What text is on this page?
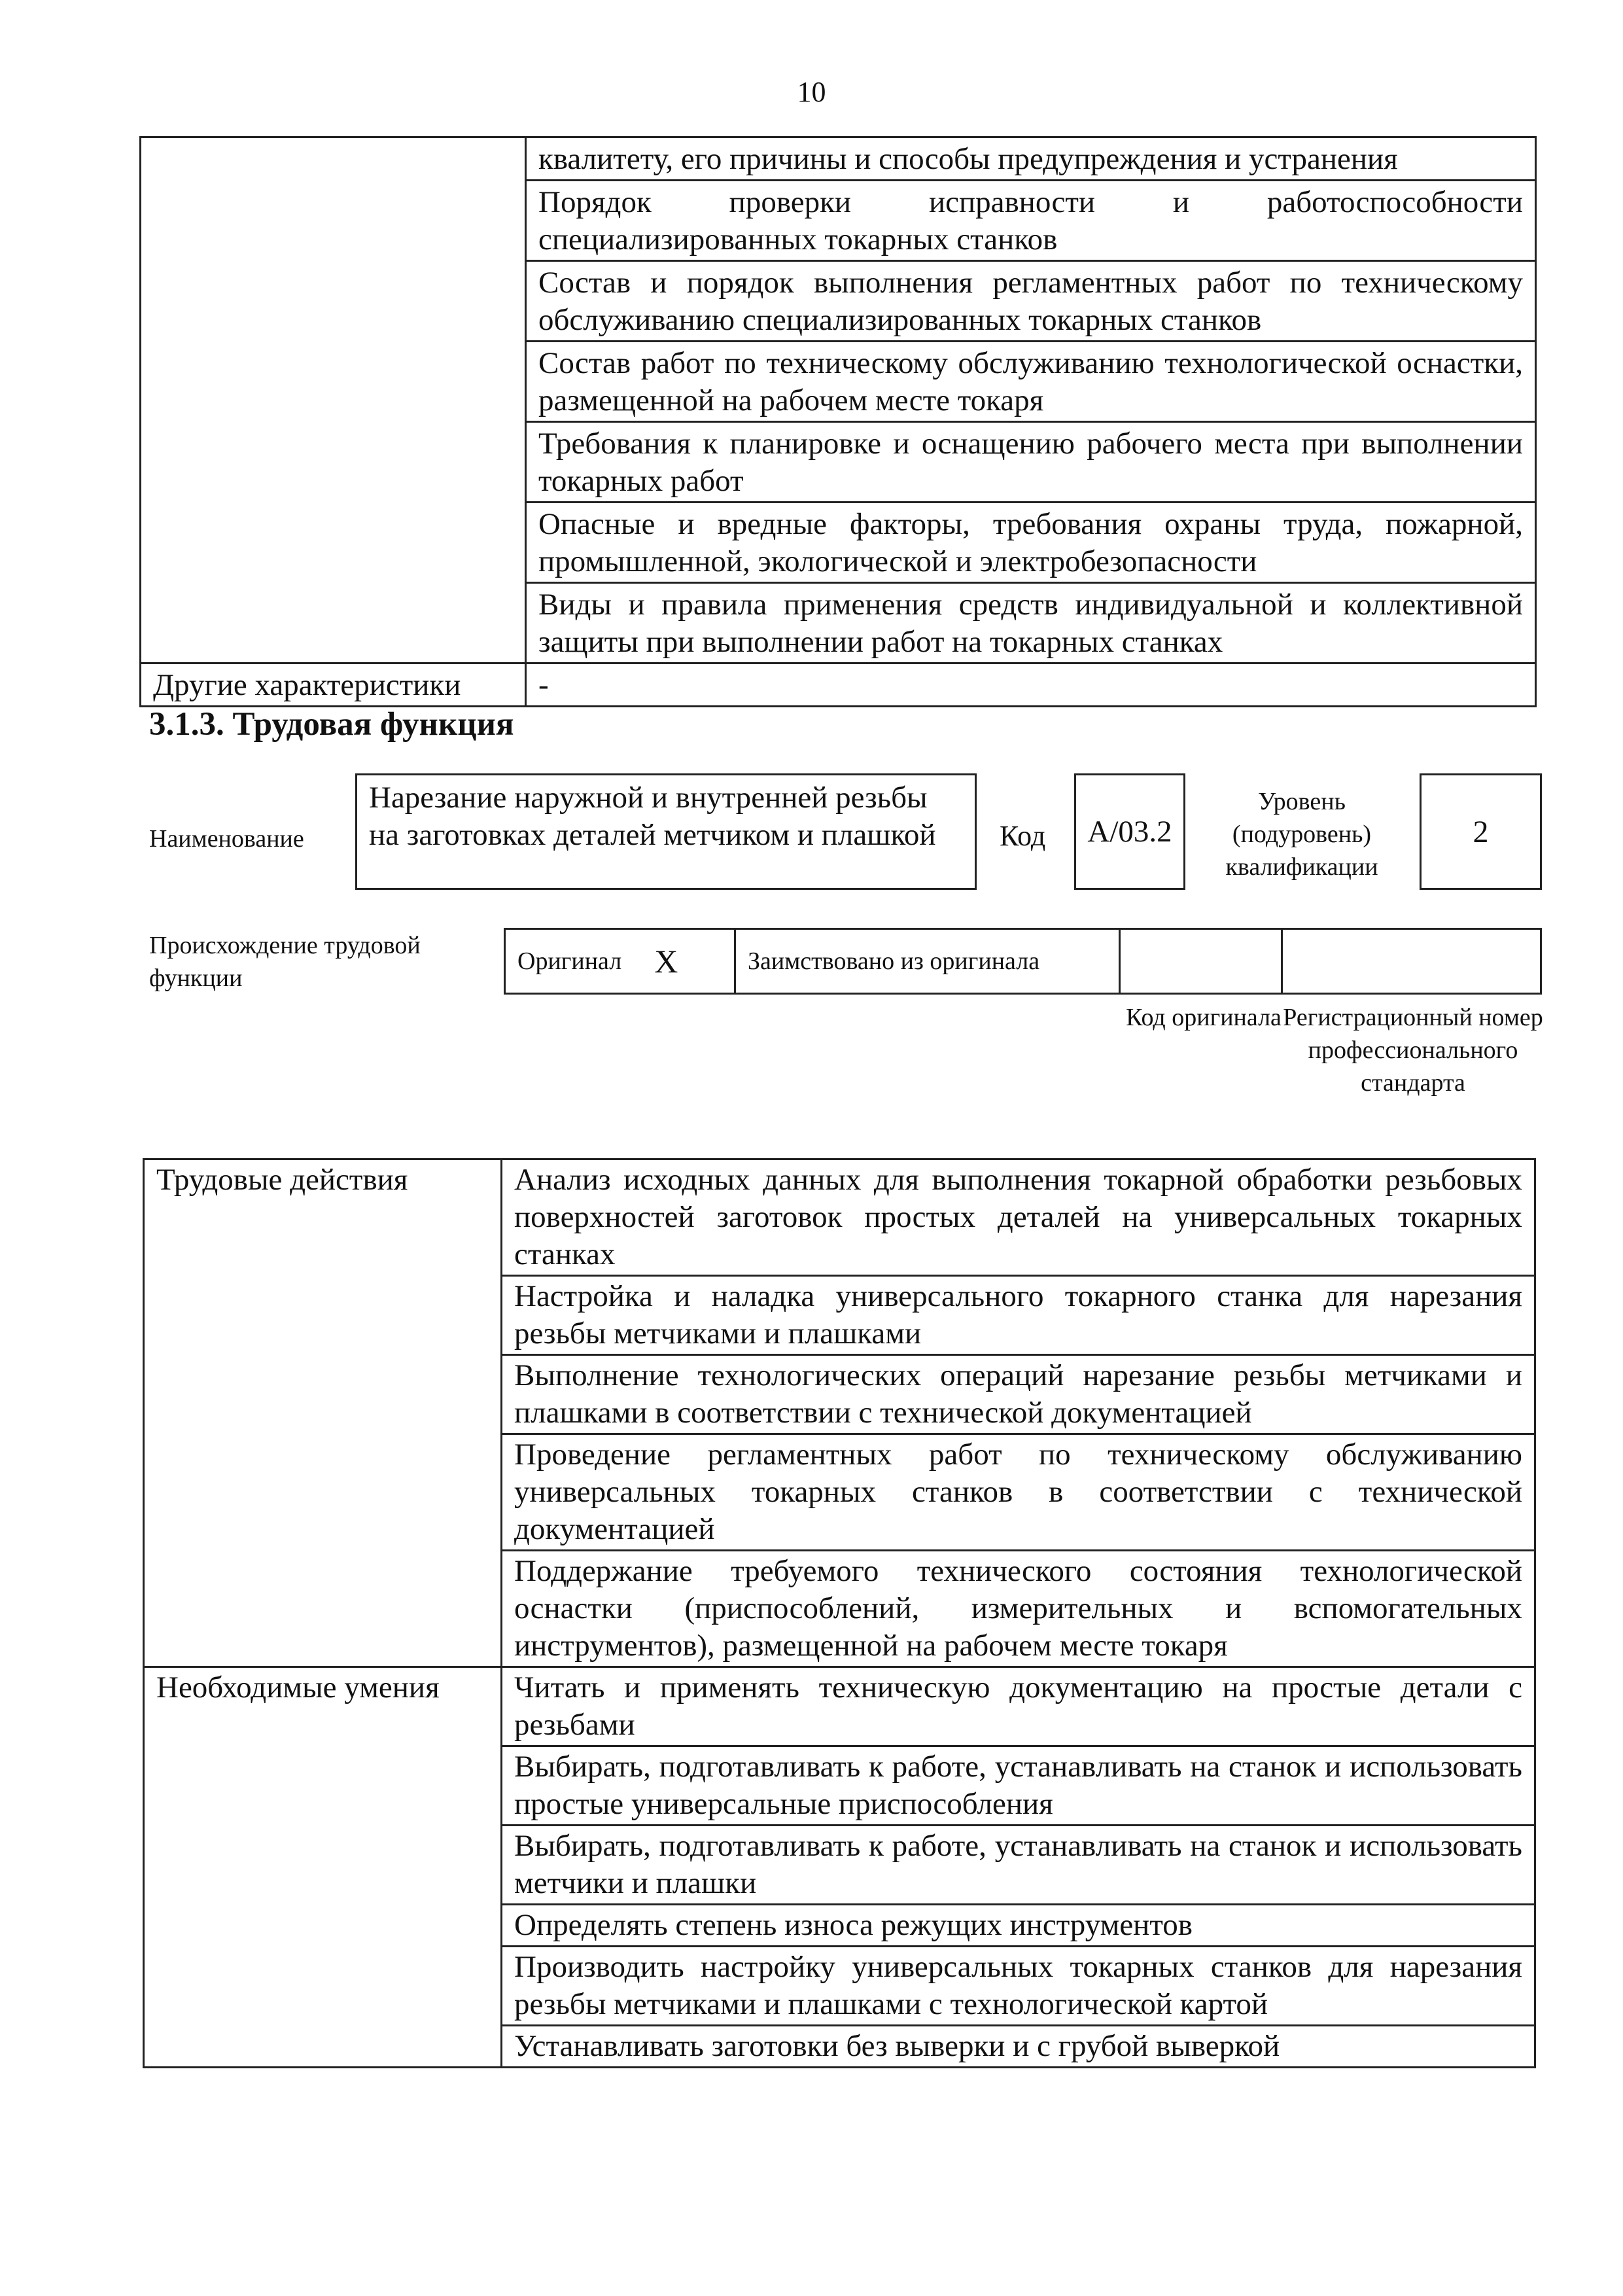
10
	квалитету, его причины и способы предупреждения и устранения
	Порядок проверки исправности и работоспособности специализированных токарных станков
	Состав и порядок выполнения регламентных работ по техническому обслуживанию специализированных токарных станков
	Состав работ по техническому обслуживанию технологической оснастки, размещенной на рабочем месте токаря
	Требования к планировке и оснащению рабочего места при выполнении токарных работ
	Опасные и вредные факторы, требования охраны труда, пожарной, промышленной, экологической и электробезопасности
	Виды и правила применения средств индивидуальной и коллективной защиты при выполнении работ на токарных станках
Другие характеристики	-
3.1.3. Трудовая функция
Наименование
Нарезание наружной и внутренней резьбы на заготовках деталей метчиком и плашкой	Код	А/03.2
Уровень (подуровень) квалификации
2
Происхождение трудовой функции
Оригинал X	Заимствовано из оригинала
Код оригинала Регистрационный номер профессионального стандарта
Трудовые действия	Анализ исходных данных для выполнения токарной обработки резьбовых поверхностей заготовок простых деталей на универсальных токарных станках
	Настройка и наладка универсального токарного станка для нарезания резьбы метчиками и плашками
	Выполнение технологических операций нарезание резьбы метчиками и плашками в соответствии с технической документацией
	Проведение регламентных работ по техническому обслуживанию универсальных токарных станков в соответствии с технической документацией
	Поддержание требуемого технического состояния технологической оснастки (приспособлений, измерительных и вспомогательных инструментов), размещенной на рабочем месте токаря
Необходимые умения	Читать и применять техническую документацию на простые детали с резьбами
	Выбирать, подготавливать к работе, устанавливать на станок и использовать простые универсальные приспособления
	Выбирать, подготавливать к работе, устанавливать на станок и использовать метчики и плашки
	Определять степень износа режущих инструментов
	Производить настройку универсальных токарных станков для нарезания резьбы метчиками и плашками с технологической картой
	Устанавливать заготовки без выверки и с грубой выверкой
